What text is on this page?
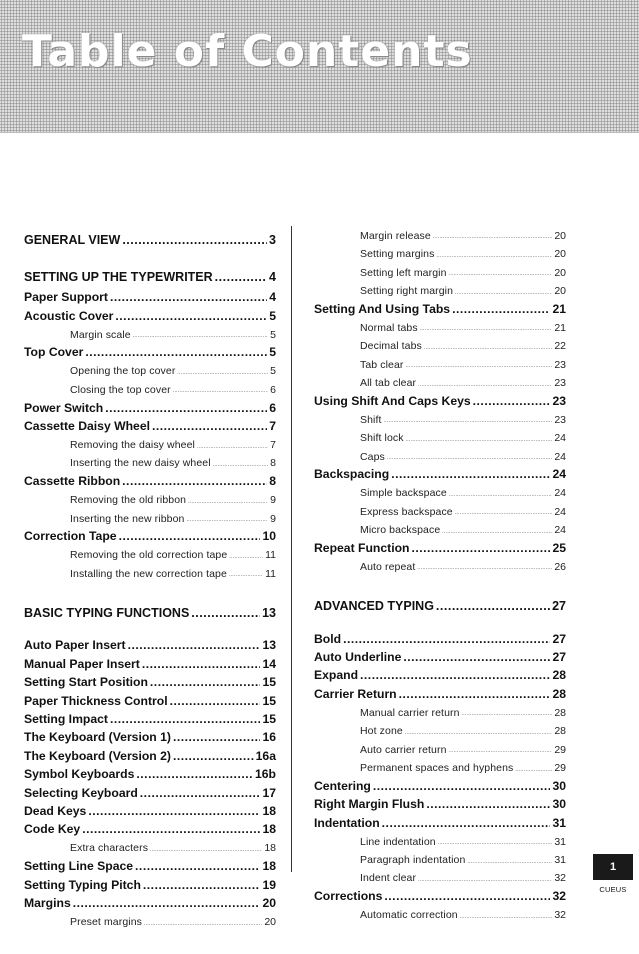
Table of Contents
GENERAL VIEW .....	3
SETTING UP THE TYPEWRITER .....	4
Paper Support .....	4
Acoustic Cover .....	5
Margin scale .....	5
Top Cover .....	5
Opening the top cover .....	5
Closing the top cover .....	6
Power Switch .....	6
Cassette Daisy Wheel .....	7
Removing the daisy wheel .....	7
Inserting the new daisy wheel .....	8
Cassette Ribbon .....	8
Removing the old ribbon .....	9
Inserting the new ribbon .....	9
Correction Tape .....	10
Removing the old correction tape .....	11
Installing the new correction tape .....	11
BASIC TYPING FUNCTIONS .....	13
Auto Paper Insert .....	13
Manual Paper Insert .....	14
Setting Start Position .....	15
Paper Thickness Control .....	15
Setting Impact .....	15
The Keyboard (Version 1) .....	16
The Keyboard (Version 2) .....	16a
Symbol Keyboards .....	16b
Selecting Keyboard .....	17
Dead Keys .....	18
Code Key .....	18
Extra characters .....	18
Setting Line Space .....	18
Setting Typing Pitch .....	19
Margins .....	20
Preset margins .....	20
Margin release .....	20
Setting margins .....	20
Setting left margin .....	20
Setting right margin .....	20
Setting And Using Tabs .....	21
Normal tabs .....	21
Decimal tabs .....	22
Tab clear .....	23
All tab clear .....	23
Using Shift And Caps Keys .....	23
Shift .....	23
Shift lock .....	24
Caps .....	24
Backspacing .....	24
Simple backspace .....	24
Express backspace .....	24
Micro backspace .....	24
Repeat Function .....	25
Auto repeat .....	26
ADVANCED TYPING .....	27
Bold .....	27
Auto Underline .....	27
Expand .....	28
Carrier Return .....	28
Manual carrier return .....	28
Hot zone .....	28
Auto carrier return .....	29
Permanent spaces and hyphens .....	29
Centering .....	30
Right Margin Flush .....	30
Indentation .....	31
Line indentation .....	31
Paragraph indentation .....	31
Indent clear .....	32
Corrections .....	32
Automatic correction .....	32
1
CUEUS
